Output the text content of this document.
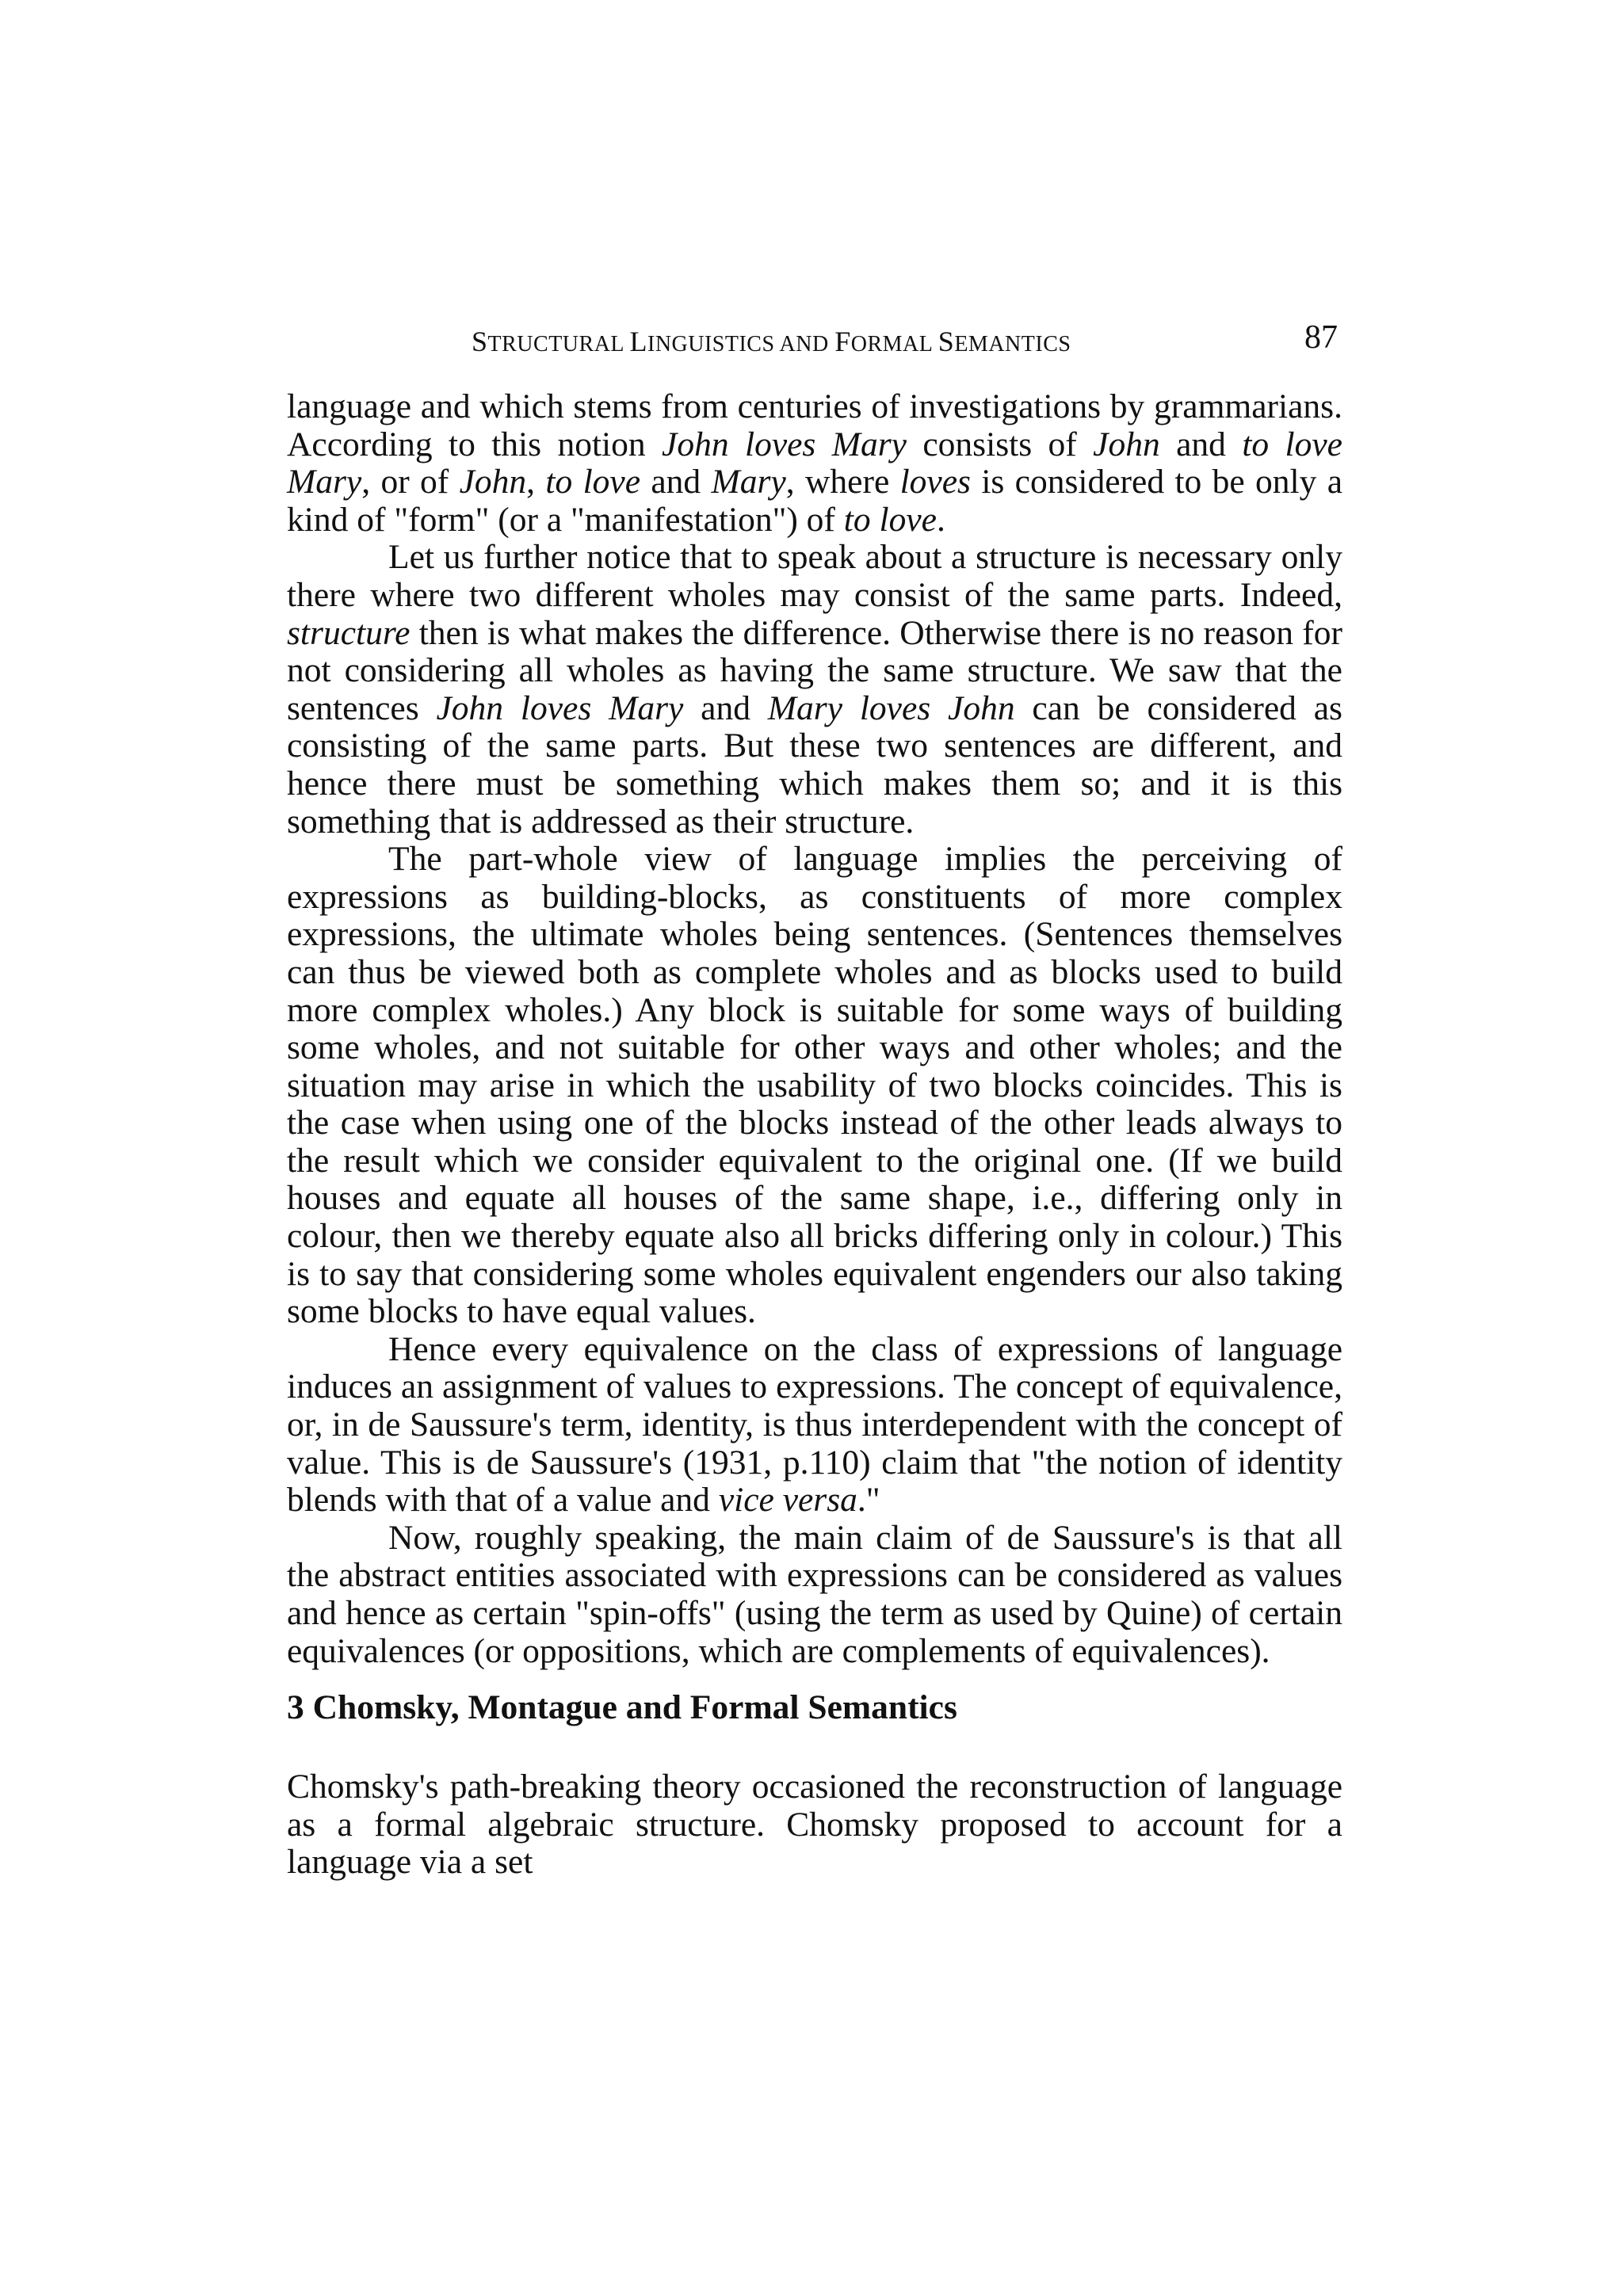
STRUCTURAL LINGUISTICS AND FORMAL SEMANTICS	87

language and which stems from centuries of investigations by grammarians. According to this notion John loves Mary consists of John and to love Mary, or of John, to love and Mary, where loves is considered to be only a kind of "form" (or a "manifestation") of to love.

Let us further notice that to speak about a structure is necessary only there where two different wholes may consist of the same parts. Indeed, structure then is what makes the difference. Otherwise there is no reason for not considering all wholes as having the same structure. We saw that the sentences John loves Mary and Mary loves John can be considered as consisting of the same parts. But these two sentences are different, and hence there must be something which makes them so; and it is this something that is addressed as their structure.

The part-whole view of language implies the perceiving of expressions as building-blocks, as constituents of more complex expressions, the ultimate wholes being sentences. (Sentences themselves can thus be viewed both as complete wholes and as blocks used to build more complex wholes.) Any block is suitable for some ways of building some wholes, and not suitable for other ways and other wholes; and the situation may arise in which the usability of two blocks coincides. This is the case when using one of the blocks instead of the other leads always to the result which we consider equivalent to the original one. (If we build houses and equate all houses of the same shape, i.e., differing only in colour, then we thereby equate also all bricks differing only in colour.) This is to say that considering some wholes equivalent engenders our also taking some blocks to have equal values.

Hence every equivalence on the class of expressions of language induces an assignment of values to expressions. The concept of equivalence, or, in de Saussure's term, identity, is thus interdependent with the concept of value. This is de Saussure's (1931, p.110) claim that "the notion of identity blends with that of a value and vice versa."

Now, roughly speaking, the main claim of de Saussure's is that all the abstract entities associated with expressions can be considered as values and hence as certain "spin-offs" (using the term as used by Quine) of certain equivalences (or oppositions, which are complements of equivalences).

3 Chomsky, Montague and Formal Semantics

Chomsky's path-breaking theory occasioned the reconstruction of language as a formal algebraic structure. Chomsky proposed to account for a language via a set
